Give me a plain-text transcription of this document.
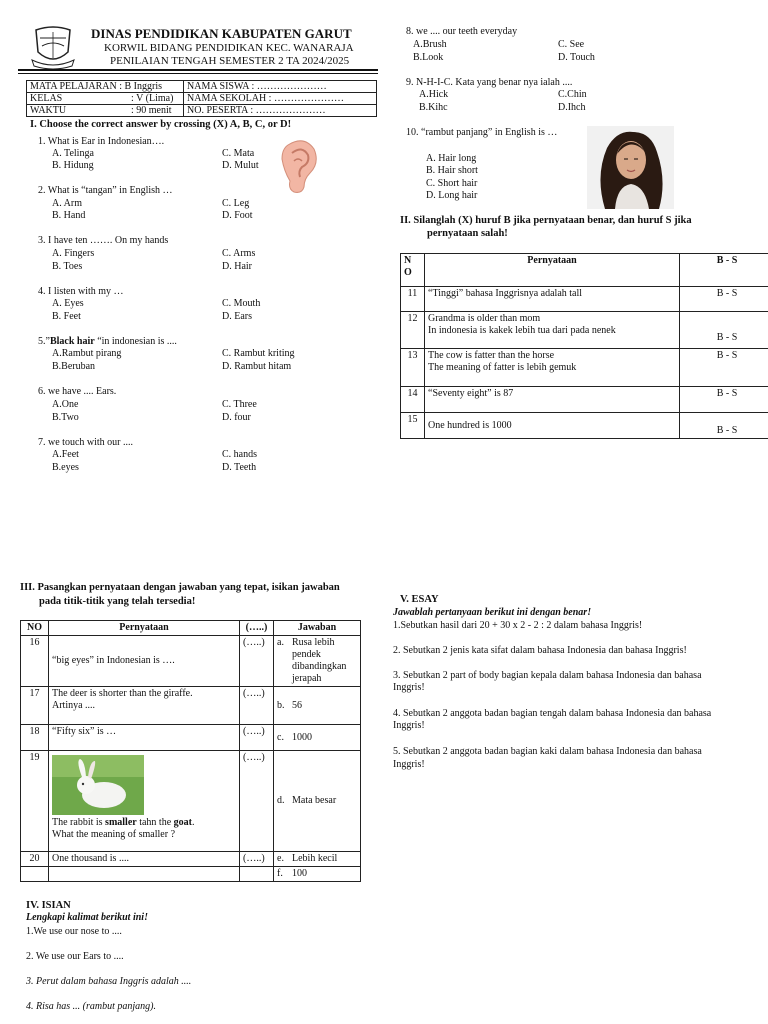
DINAS PENDIDIKAN KABUPATEN GARUT
KORWIL BIDANG PENDIDIKAN KEC. WANARAJA
PENILAIAN TENGAH SEMESTER 2 TA 2024/2025
MATA PELAJARAN : B Inggris	NAMA SISWA : …………………
KELAS : V (Lima)	NAMA SEKOLAH : …………………
WAKTU : 90 menit	NO. PESERTA : …………………
I. Choose the correct answer by crossing (X) A, B, C, or D!
1. What is Ear in Indonesian….
A. Telinga
B. Hidung
C. Mata
D. Mulut
2. What is “tangan” in English …
A. Arm
B. Hand
C. Leg
D. Foot
3. I have ten ……. On my hands
A. Fingers
B. Toes
C. Arms
D. Hair
4. I listen with my …
A. Eyes
B. Feet
C. Mouth
D. Ears
5.”Black hair “in indonesian is ....
A.Rambut pirang
B.Beruban
C. Rambut kriting
D. Rambut hitam
6. we have .... Ears.
A.One
B.Two
C. Three
D. four
7. we touch with our ....
A.Feet
B.eyes
C. hands
D. Teeth
8. we .... our teeth everyday
A.Brush
B.Look
C. See
D. Touch
9. N-H-I-C. Kata yang benar nya ialah ....
A.Hick
B.Kihc
C.Chin
D.Ihch
10. “rambut panjang” in English is …
A. Hair long
B. Hair short
C. Short hair
D. Long hair
II. Silanglah (X) huruf B jika pernyataan benar, dan huruf S jika
pernyataan salah!
N
O	Pernyataan	B - S
11	“Tinggi” bahasa Inggrisnya adalah tall	B - S
12	Grandma is older than mom
In indonesia is kakek lebih tua dari pada nenek	B - S
13	The cow is fatter than the horse
The meaning of fatter is lebih gemuk	B - S
14	“Seventy eight” is 87	B - S
15	One hundred is 1000	B - S
III. Pasangkan pernyataan dengan jawaban yang tepat, isikan jawaban
pada titik-titik yang telah tersedia!
NO	Pernyataan	(…..)	Jawaban
16	“big eyes” in Indonesian is ….	(…..)	a. Rusa lebih
pendek
dibandingkan
jerapah

17	The deer is shorter than the giraffe.
Artinya ....	(…..)	b. 56
18	“Fifty six” is …	(…..)	c. 1000
19	The rabbit is smaller tahn the goat.
What the meaning of smaller ?	(…..)	d. Mata besar
20	One thousand is ....	(…..)	e. Lebih kecil
			f. 100
IV. ISIAN
Lengkapi kalimat berikut ini!
1.We use our nose to ....
2. We use our Ears to ....
3. Perut dalam bahasa Inggris adalah ....
4. Risa has ... (rambut panjang).
V. ESAY
Jawablah pertanyaan berikut ini dengan benar!
1.Sebutkan hasil dari 20 + 30 x 2 - 2 : 2 dalam bahasa Inggris!
2. Sebutkan 2 jenis kata sifat dalam bahasa Indonesia dan bahasa Inggris!
3. Sebutkan 2 part of body bagian kepala dalam bahasa Indonesia dan bahasa
Inggris!
4. Sebutkan 2 anggota badan bagian tengah dalam bahasa Indonesia dan bahasa
Inggris!
5. Sebutkan 2 anggota badan bagian kaki dalam bahasa Indonesia dan bahasa
Inggris!
